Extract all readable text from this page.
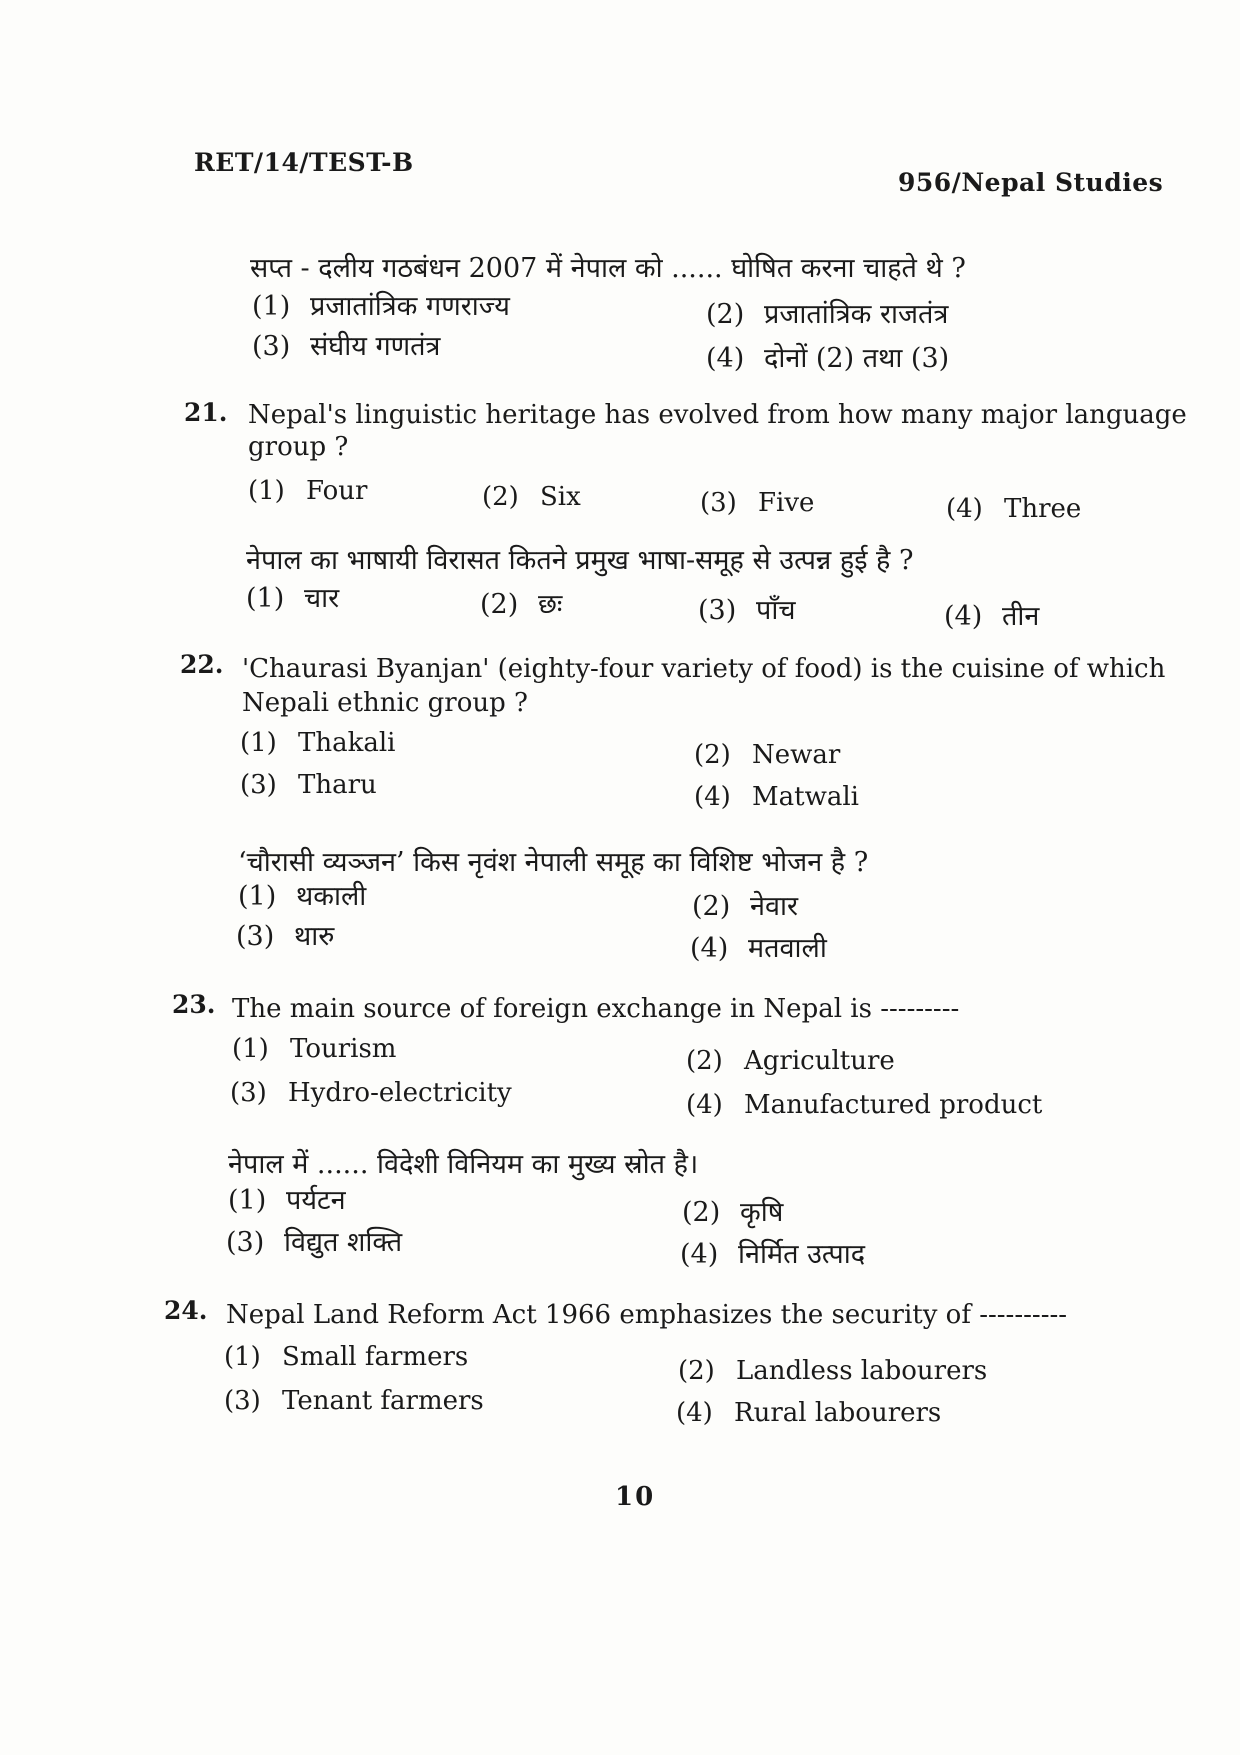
RET/14/TEST-B
956/Nepal Studies
सप्त - दलीय गठबंधन 2007 में नेपाल को ...... घोषित करना चाहते थे ?
(1) प्रजातांत्रिक गणराज्य	(2) प्रजातांत्रिक राजतंत्र
(3) संघीय गणतंत्र	(4) दोनों (2) तथा (3)
21. Nepal's linguistic heritage has evolved from how many major language
group ?
(1) Four	(2) Six	(3) Five	(4) Three
नेपाल का भाषायी विरासत कितने प्रमुख भाषा-समूह से उत्पन्न हुई है ?
(1) चार	(2) छः	(3) पाँच	(4) तीन
22. 'Chaurasi Byanjan' (eighty-four variety of food) is the cuisine of which
Nepali ethnic group ?
(1) Thakali	(2) Newar
(3) Tharu	(4) Matwali
‘चौरासी व्यञ्जन’ किस नृवंश नेपाली समूह का विशिष्ट भोजन है ?
(1) थकाली	(2) नेवार
(3) थारु	(4) मतवाली
23. The main source of foreign exchange in Nepal is ---------
(1) Tourism	(2) Agriculture
(3) Hydro-electricity	(4) Manufactured product
नेपाल में ...... विदेशी विनियम का मुख्य स्रोत है।
(1) पर्यटन	(2) कृषि
(3) विद्युत शक्ति	(4) निर्मित उत्पाद
24. Nepal Land Reform Act 1966 emphasizes the security of ----------
(1) Small farmers	(2) Landless labourers
(3) Tenant farmers	(4) Rural labourers
10
